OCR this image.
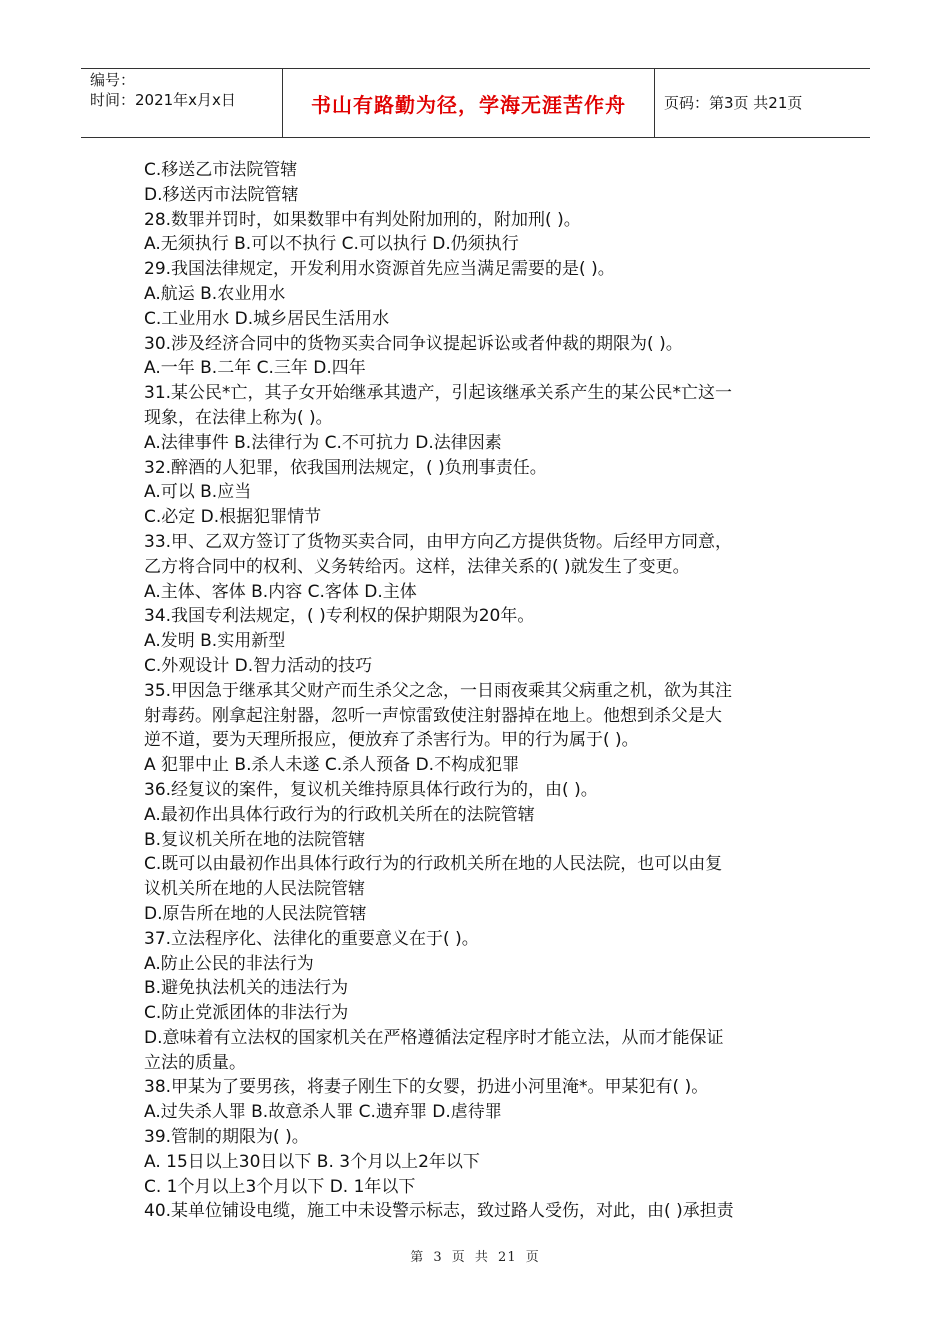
编号：
时间：2021年x月x日	书山有路勤为径，学海无涯苦作舟	页码：第3页 共21页
C.移送乙市法院管辖
D.移送丙市法院管辖
28.数罪并罚时，如果数罪中有判处附加刑的，附加刑( )。
A.无须执行 B.可以不执行 C.可以执行 D.仍须执行
29.我国法律规定，开发利用水资源首先应当满足需要的是( )。
A.航运 B.农业用水
C.工业用水 D.城乡居民生活用水
30.涉及经济合同中的货物买卖合同争议提起诉讼或者仲裁的期限为( )。
A.一年 B.二年 C.三年 D.四年
31.某公民*亡，其子女开始继承其遗产，引起该继承关系产生的某公民*亡这一
现象，在法律上称为( )。
A.法律事件 B.法律行为 C.不可抗力 D.法律因素
32.醉酒的人犯罪，依我国刑法规定，( )负刑事责任。
A.可以 B.应当
C.必定 D.根据犯罪情节
33.甲、乙双方签订了货物买卖合同，由甲方向乙方提供货物。后经甲方同意，
乙方将合同中的权利、义务转给丙。这样，法律关系的( )就发生了变更。
A.主体、客体 B.内容 C.客体 D.主体
34.我国专利法规定，( )专利权的保护期限为20年。
A.发明 B.实用新型
C.外观设计 D.智力活动的技巧
35.甲因急于继承其父财产而生杀父之念，一日雨夜乘其父病重之机，欲为其注
射毒药。刚拿起注射器，忽听一声惊雷致使注射器掉在地上。他想到杀父是大
逆不道，要为天理所报应，便放弃了杀害行为。甲的行为属于( )。
A 犯罪中止 B.杀人未遂 C.杀人预备 D.不构成犯罪
36.经复议的案件，复议机关维持原具体行政行为的，由( )。
A.最初作出具体行政行为的行政机关所在的法院管辖
B.复议机关所在地的法院管辖
C.既可以由最初作出具体行政行为的行政机关所在地的人民法院，也可以由复
议机关所在地的人民法院管辖
D.原告所在地的人民法院管辖
37.立法程序化、法律化的重要意义在于( )。
A.防止公民的非法行为
B.避免执法机关的违法行为
C.防止党派团体的非法行为
D.意味着有立法权的国家机关在严格遵循法定程序时才能立法，从而才能保证
立法的质量。
38.甲某为了要男孩，将妻子刚生下的女婴，扔进小河里淹*。甲某犯有( )。
A.过失杀人罪 B.故意杀人罪 C.遗弃罪 D.虐待罪
39.管制的期限为( )。
A. 15日以上30日以下 B. 3个月以上2年以下
C. 1个月以上3个月以下 D. 1年以下
40.某单位铺设电缆，施工中未设警示标志，致过路人受伤，对此，由( )承担责
第 3 页 共 21 页
